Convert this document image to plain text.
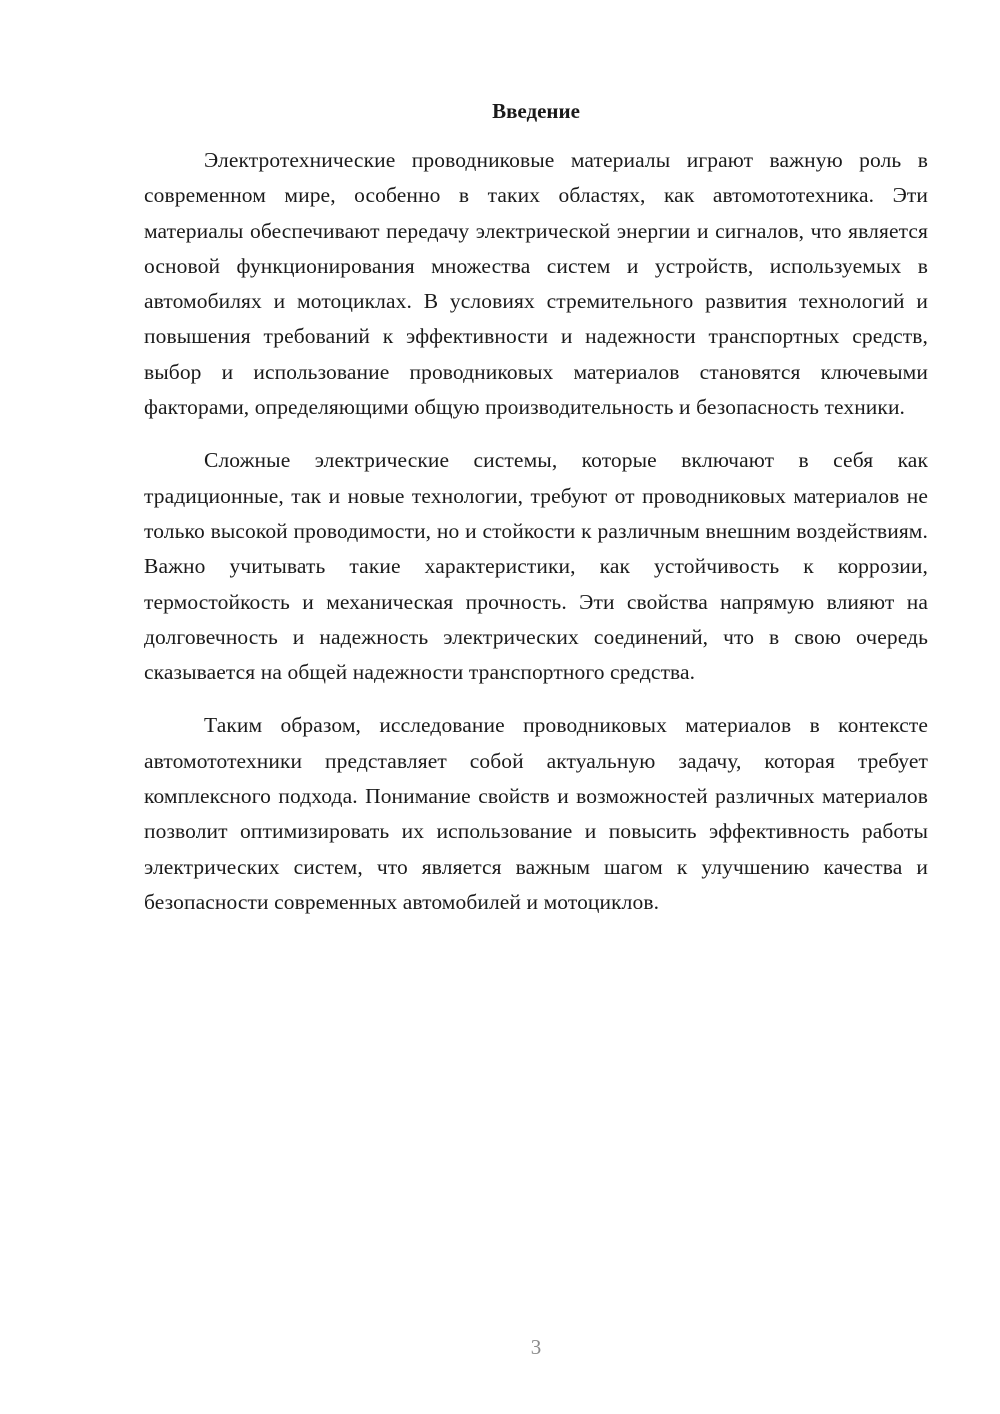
Введение

Электротехнические проводниковые материалы играют важную роль в современном мире, особенно в таких областях, как автомототехника. Эти материалы обеспечивают передачу электрической энергии и сигналов, что является основой функционирования множества систем и устройств, используемых в автомобилях и мотоциклах. В условиях стремительного развития технологий и повышения требований к эффективности и надежности транспортных средств, выбор и использование проводниковых материалов становятся ключевыми факторами, определяющими общую производительность и безопасность техники.

Сложные электрические системы, которые включают в себя как традиционные, так и новые технологии, требуют от проводниковых материалов не только высокой проводимости, но и стойкости к различным внешним воздействиям. Важно учитывать такие характеристики, как устойчивость к коррозии, термостойкость и механическая прочность. Эти свойства напрямую влияют на долговечность и надежность электрических соединений, что в свою очередь сказывается на общей надежности транспортного средства.

Таким образом, исследование проводниковых материалов в контексте автомототехники представляет собой актуальную задачу, которая требует комплексного подхода. Понимание свойств и возможностей различных материалов позволит оптимизировать их использование и повысить эффективность работы электрических систем, что является важным шагом к улучшению качества и безопасности современных автомобилей и мотоциклов.

3
